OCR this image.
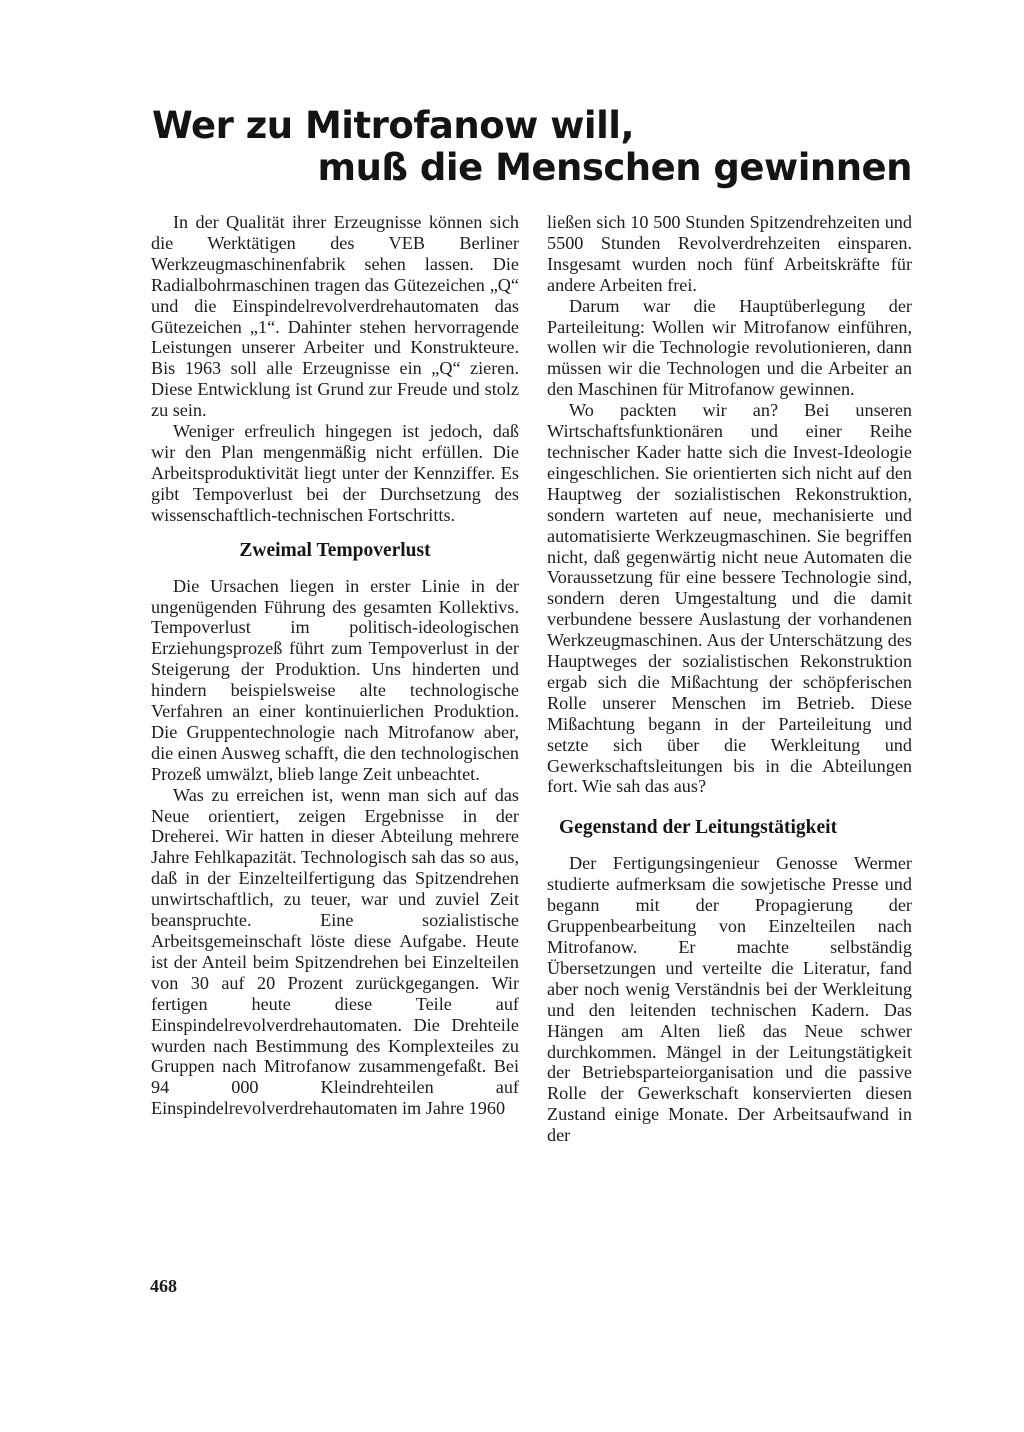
Wer zu Mitrofanow will,
muß die Menschen gewinnen

In der Qualität ihrer Erzeugnisse können sich die Werktätigen des VEB Berliner Werkzeugmaschinenfabrik sehen lassen. Die Radialbohrmaschinen tragen das Gütezeichen „Q“ und die Einspindelrevolverdrehautomaten das Gütezeichen „1“. Dahinter stehen hervorragende Leistungen unserer Arbeiter und Konstrukteure. Bis 1963 soll alle Erzeugnisse ein „Q“ zieren. Diese Entwicklung ist Grund zur Freude und stolz zu sein.

Weniger erfreulich hingegen ist jedoch, daß wir den Plan mengenmäßig nicht erfüllen. Die Arbeitsproduktivität liegt unter der Kennziffer. Es gibt Tempoverlust bei der Durchsetzung des wissenschaftlich-technischen Fortschritts.

Zweimal Tempoverlust

Die Ursachen liegen in erster Linie in der ungenügenden Führung des gesamten Kollektivs. Tempoverlust im politisch-ideologischen Erziehungsprozeß führt zum Tempoverlust in der Steigerung der Produktion. Uns hinderten und hindern beispielsweise alte technologische Verfahren an einer kontinuierlichen Produktion. Die Gruppentechnologie nach Mitrofanow aber, die einen Ausweg schafft, die den technologischen Prozeß umwälzt, blieb lange Zeit unbeachtet.

Was zu erreichen ist, wenn man sich auf das Neue orientiert, zeigen Ergebnisse in der Dreherei. Wir hatten in dieser Abteilung mehrere Jahre Fehlkapazität. Technologisch sah das so aus, daß in der Einzelteilfertigung das Spitzendrehen unwirtschaftlich, zu teuer, war und zuviel Zeit beanspruchte. Eine sozialistische Arbeitsgemeinschaft löste diese Aufgabe. Heute ist der Anteil beim Spitzendrehen bei Einzelteilen von 30 auf 20 Prozent zurückgegangen. Wir fertigen heute diese Teile auf Einspindelrevolverdrehautomaten. Die Drehteile wurden nach Bestimmung des Komplexteiles zu Gruppen nach Mitrofanow zusammengefaßt. Bei 94 000 Kleindrehteilen auf Einspindelrevolverdrehautomaten im Jahre 1960

ließen sich 10 500 Stunden Spitzendrehzeiten und 5500 Stunden Revolverdrehzeiten einsparen. Insgesamt wurden noch fünf Arbeitskräfte für andere Arbeiten frei.

Darum war die Hauptüberlegung der Parteileitung: Wollen wir Mitrofanow einführen, wollen wir die Technologie revolutionieren, dann müssen wir die Technologen und die Arbeiter an den Maschinen für Mitrofanow gewinnen.

Wo packten wir an? Bei unseren Wirtschaftsfunktionären und einer Reihe technischer Kader hatte sich die Invest-Ideologie eingeschlichen. Sie orientierten sich nicht auf den Hauptweg der sozialistischen Rekonstruktion, sondern warteten auf neue, mechanisierte und automatisierte Werkzeugmaschinen. Sie begriffen nicht, daß gegenwärtig nicht neue Automaten die Voraussetzung für eine bessere Technologie sind, sondern deren Umgestaltung und die damit verbundene bessere Auslastung der vorhandenen Werkzeugmaschinen. Aus der Unterschätzung des Hauptweges der sozialistischen Rekonstruktion ergab sich die Mißachtung der schöpferischen Rolle unserer Menschen im Betrieb. Diese Mißachtung begann in der Parteileitung und setzte sich über die Werkleitung und Gewerkschaftsleitungen bis in die Abteilungen fort. Wie sah das aus?

Gegenstand der Leitungstätigkeit

Der Fertigungsingenieur Genosse Wermer studierte aufmerksam die sowjetische Presse und begann mit der Propagierung der Gruppenbearbeitung von Einzelteilen nach Mitrofanow. Er machte selbständig Übersetzungen und verteilte die Literatur, fand aber noch wenig Verständnis bei der Werkleitung und den leitenden technischen Kadern. Das Hängen am Alten ließ das Neue schwer durchkommen. Mängel in der Leitungstätigkeit der Betriebsparteiorganisation und die passive Rolle der Gewerkschaft konservierten diesen Zustand einige Monate. Der Arbeitsaufwand in der

468
